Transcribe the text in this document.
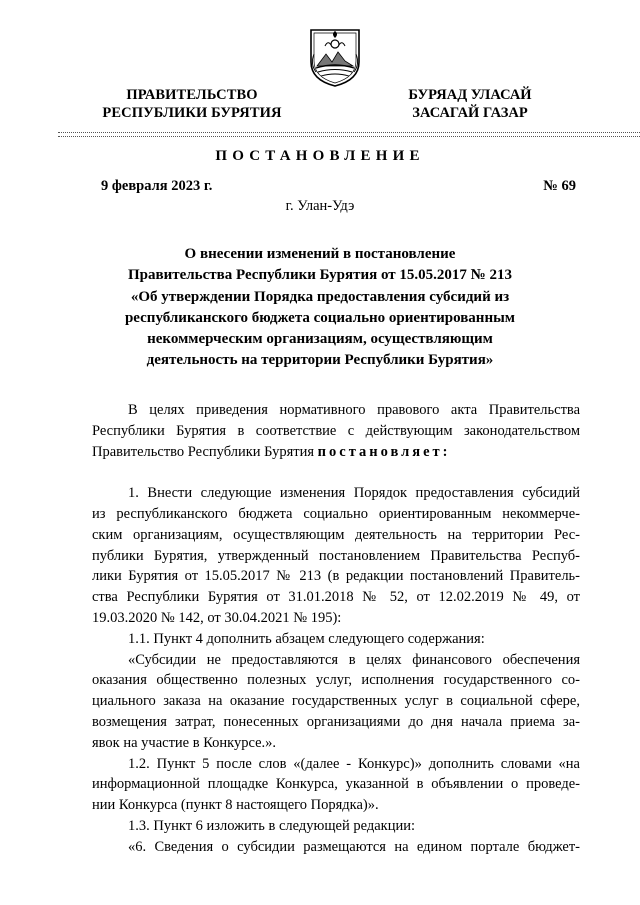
ПРАВИТЕЛЬСТВО
РЕСПУБЛИКИ БУРЯТИЯ
БУРЯАД УЛАСАЙ
ЗАСАГАЙ ГАЗАР
ПОСТАНОВЛЕНИЕ
9 февраля 2023 г.	№ 69
г. Улан-Удэ
О внесении изменений в постановление
Правительства Республики Бурятия от 15.05.2017 № 213
«Об утверждении Порядка предоставления субсидий из
республиканского бюджета социально ориентированным
некоммерческим организациям, осуществляющим
деятельность на территории Республики Бурятия»
В целях приведения нормативного правового акта Правительства
Республики Бурятия в соответствие с действующим законодательством
Правительство Республики Бурятия постановляет:
1. Внести следующие изменения Порядок предоставления субсидий
из республиканского бюджета социально ориентированным некоммерче-
ским организациям, осуществляющим деятельность на территории Рес-
публики Бурятия, утвержденный постановлением Правительства Респуб-
лики Бурятия от 15.05.2017 № 213 (в редакции постановлений Правитель-
ства Республики Бурятия от 31.01.2018 № 52, от 12.02.2019 № 49, от
19.03.2020 № 142, от 30.04.2021 № 195):
1.1. Пункт 4 дополнить абзацем следующего содержания:
«Субсидии не предоставляются в целях финансового обеспечения
оказания общественно полезных услуг, исполнения государственного со-
циального заказа на оказание государственных услуг в социальной сфере,
возмещения затрат, понесенных организациями до дня начала приема за-
явок на участие в Конкурсе.».
1.2. Пункт 5 после слов «(далее - Конкурс)» дополнить словами «на
информационной площадке Конкурса, указанной в объявлении о проведе-
нии Конкурса (пункт 8 настоящего Порядка)».
1.3. Пункт 6 изложить в следующей редакции:
«6. Сведения о субсидии размещаются на едином портале бюджет-
